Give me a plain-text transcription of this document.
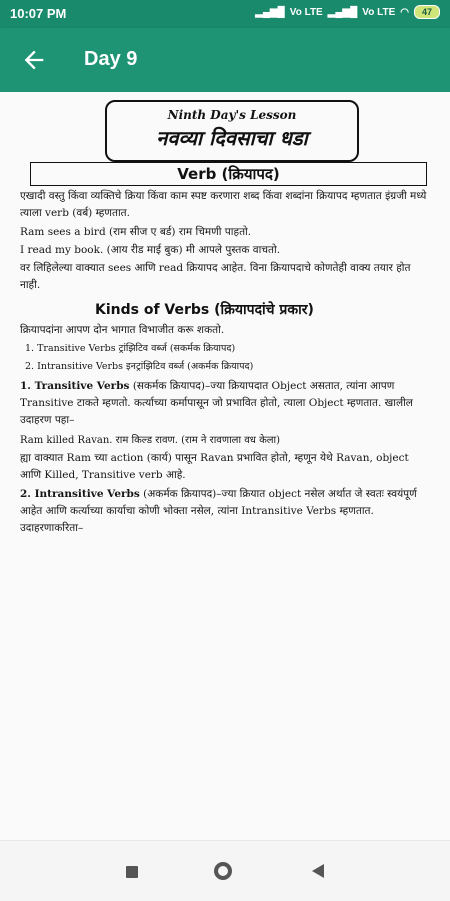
10:07 PM	▂▄▆█ Vo LTE ▂▄▆█ Vo LTE ◠	47
Day 9
Ninth Day's Lesson
नवव्या दिवसाचा धडा
Verb (क्रियापद)

एखादी वस्तु किंवा व्यक्तिचे क्रिया किंवा काम स्पष्ट करणारा शब्द किंवा शब्दांना क्रियापद म्हणतात इंग्रजी मध्ये त्याला verb (वर्ब) म्हणतात.

Ram sees a bird (राम सीज ए बर्ड) राम चिमणी पाहतो.

I read my book. (आय रीड माई बुक) मी आपले पुस्तक वाचतो.

वर लिहिलेल्या वाक्यात sees आणि read क्रियापद आहेत. विना क्रियापदाचे कोणतेही वाक्य तयार होत नाही.

Kinds of Verbs (क्रियापदांचे प्रकार)

क्रियापदांना आपण दोन भागात विभाजीत करू शकतो.

1. Transitive Verbs ट्रांझिटिव वर्ब्ज (सकर्मक क्रियापद)

2. Intransitive Verbs इनट्रांझिटिव वर्ब्ज (अकर्मक क्रियापद)

1. Transitive Verbs (सकर्मक क्रियापद)–ज्या क्रियापदात Object असतात, त्यांना आपण Transitive टाकते म्हणतो. कर्त्याच्या कर्मापासून जो प्रभावित होतो, त्याला Object म्हणतात. खालील उदाहरण पहा–

Ram killed Ravan. राम किल्ड रावण. (राम ने रावणाला वध केला)

ह्या वाक्यात Ram च्या action (कार्य) पासून Ravan प्रभावित होतो, म्हणून येथे Ravan, object आणि Killed, Transitive verb आहे.

2. Intransitive Verbs (अकर्मक क्रियापद)–ज्या क्रियात object नसेल अर्थात जे स्वतः स्वयंपूर्ण आहेत आणि कर्त्याच्या कार्याचा कोणी भोक्ता नसेल, त्यांना Intransitive Verbs म्हणतात. उदाहरणाकरिता–
